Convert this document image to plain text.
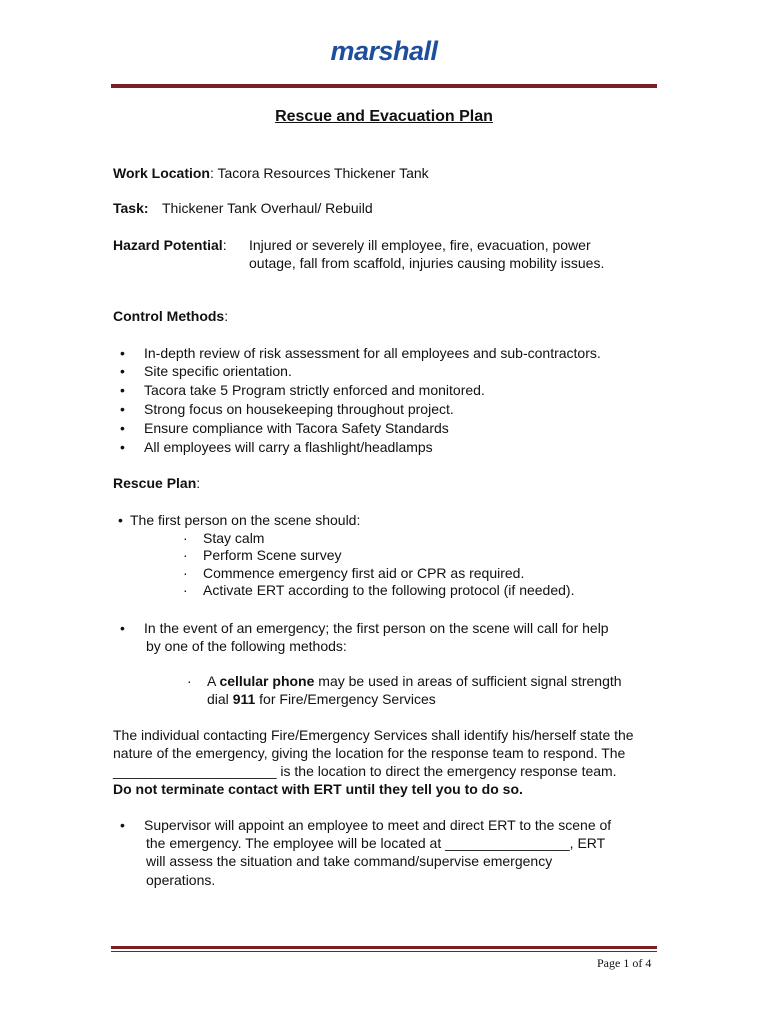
marshall
Rescue and Evacuation Plan
Work Location: Tacora Resources Thickener Tank
Task: Thickener Tank Overhaul/ Rebuild
Hazard Potential: Injured or severely ill employee, fire, evacuation, power
outage, fall from scaffold, injuries causing mobility issues.
Control Methods:
• In-depth review of risk assessment for all employees and sub-contractors.
• Site specific orientation.
• Tacora take 5 Program strictly enforced and monitored.
• Strong focus on housekeeping throughout project.
• Ensure compliance with Tacora Safety Standards
• All employees will carry a flashlight/headlamps
Rescue Plan:
• The first person on the scene should:
· Stay calm
· Perform Scene survey
· Commence emergency first aid or CPR as required.
· Activate ERT according to the following protocol (if needed).
• In the event of an emergency; the first person on the scene will call for help
by one of the following methods:
· A cellular phone may be used in areas of sufficient signal strength
dial 911 for Fire/Emergency Services
The individual contacting Fire/Emergency Services shall identify his/herself state the
nature of the emergency, giving the location for the response team to respond. The
_____________________ is the location to direct the emergency response team.
Do not terminate contact with ERT until they tell you to do so.
• Supervisor will appoint an employee to meet and direct ERT to the scene of
the emergency. The employee will be located at ________________, ERT
will assess the situation and take command/supervise emergency
operations.
Page 1 of 4
